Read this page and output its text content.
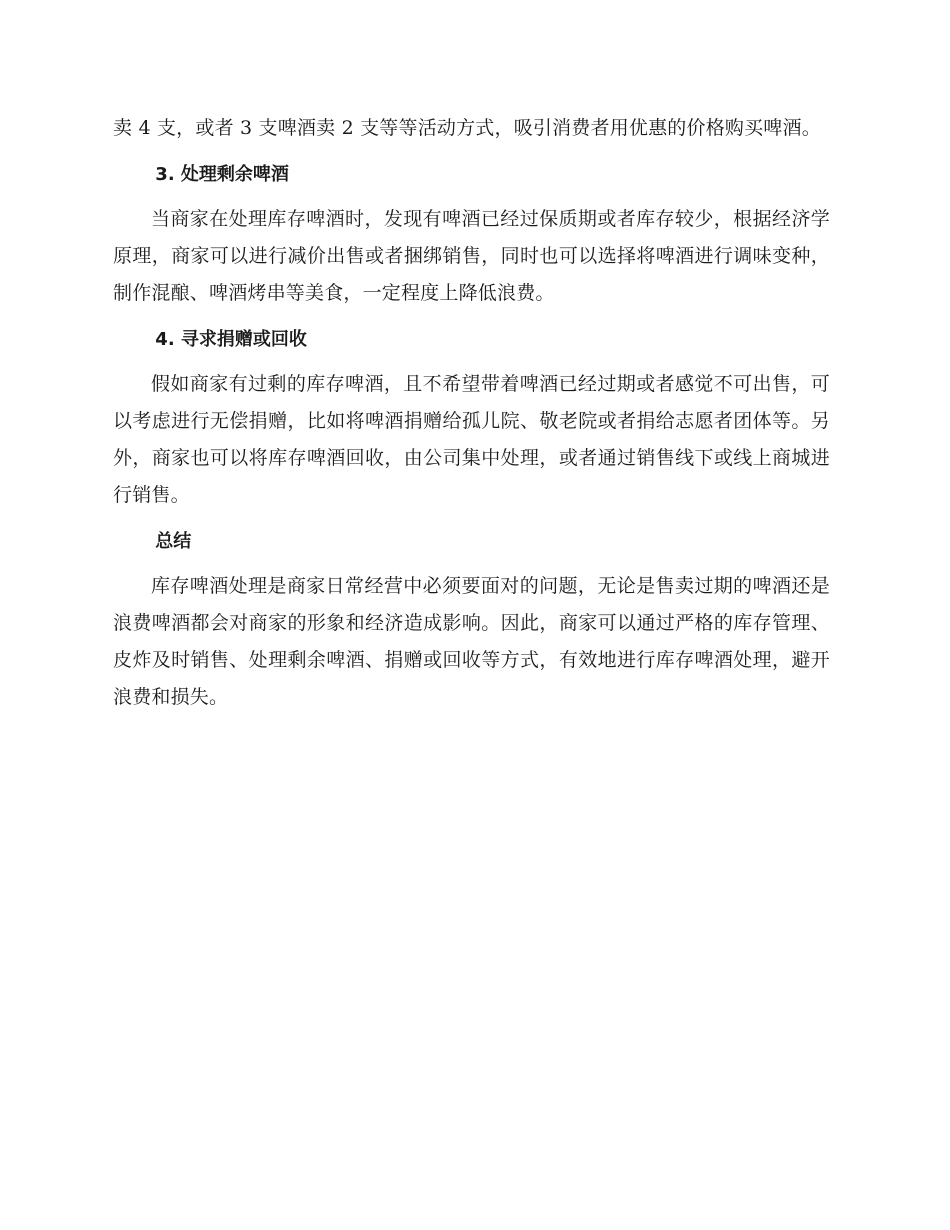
卖 4 支，或者 3 支啤酒卖 2 支等等活动方式，吸引消费者用优惠的价格购买啤酒。

3. 处理剩余啤酒

当商家在处理库存啤酒时，发现有啤酒已经过保质期或者库存较少，根据经济学原理，商家可以进行减价出售或者捆绑销售，同时也可以选择将啤酒进行调味变种，制作混酿、啤酒烤串等美食，一定程度上降低浪费。

4. 寻求捐赠或回收

假如商家有过剩的库存啤酒，且不希望带着啤酒已经过期或者感觉不可出售，可以考虑进行无偿捐赠，比如将啤酒捐赠给孤儿院、敬老院或者捐给志愿者团体等。另外，商家也可以将库存啤酒回收，由公司集中处理，或者通过销售线下或线上商城进行销售。

总结

库存啤酒处理是商家日常经营中必须要面对的问题，无论是售卖过期的啤酒还是浪费啤酒都会对商家的形象和经济造成影响。因此，商家可以通过严格的库存管理、皮炸及时销售、处理剩余啤酒、捐赠或回收等方式，有效地进行库存啤酒处理，避开浪费和损失。
